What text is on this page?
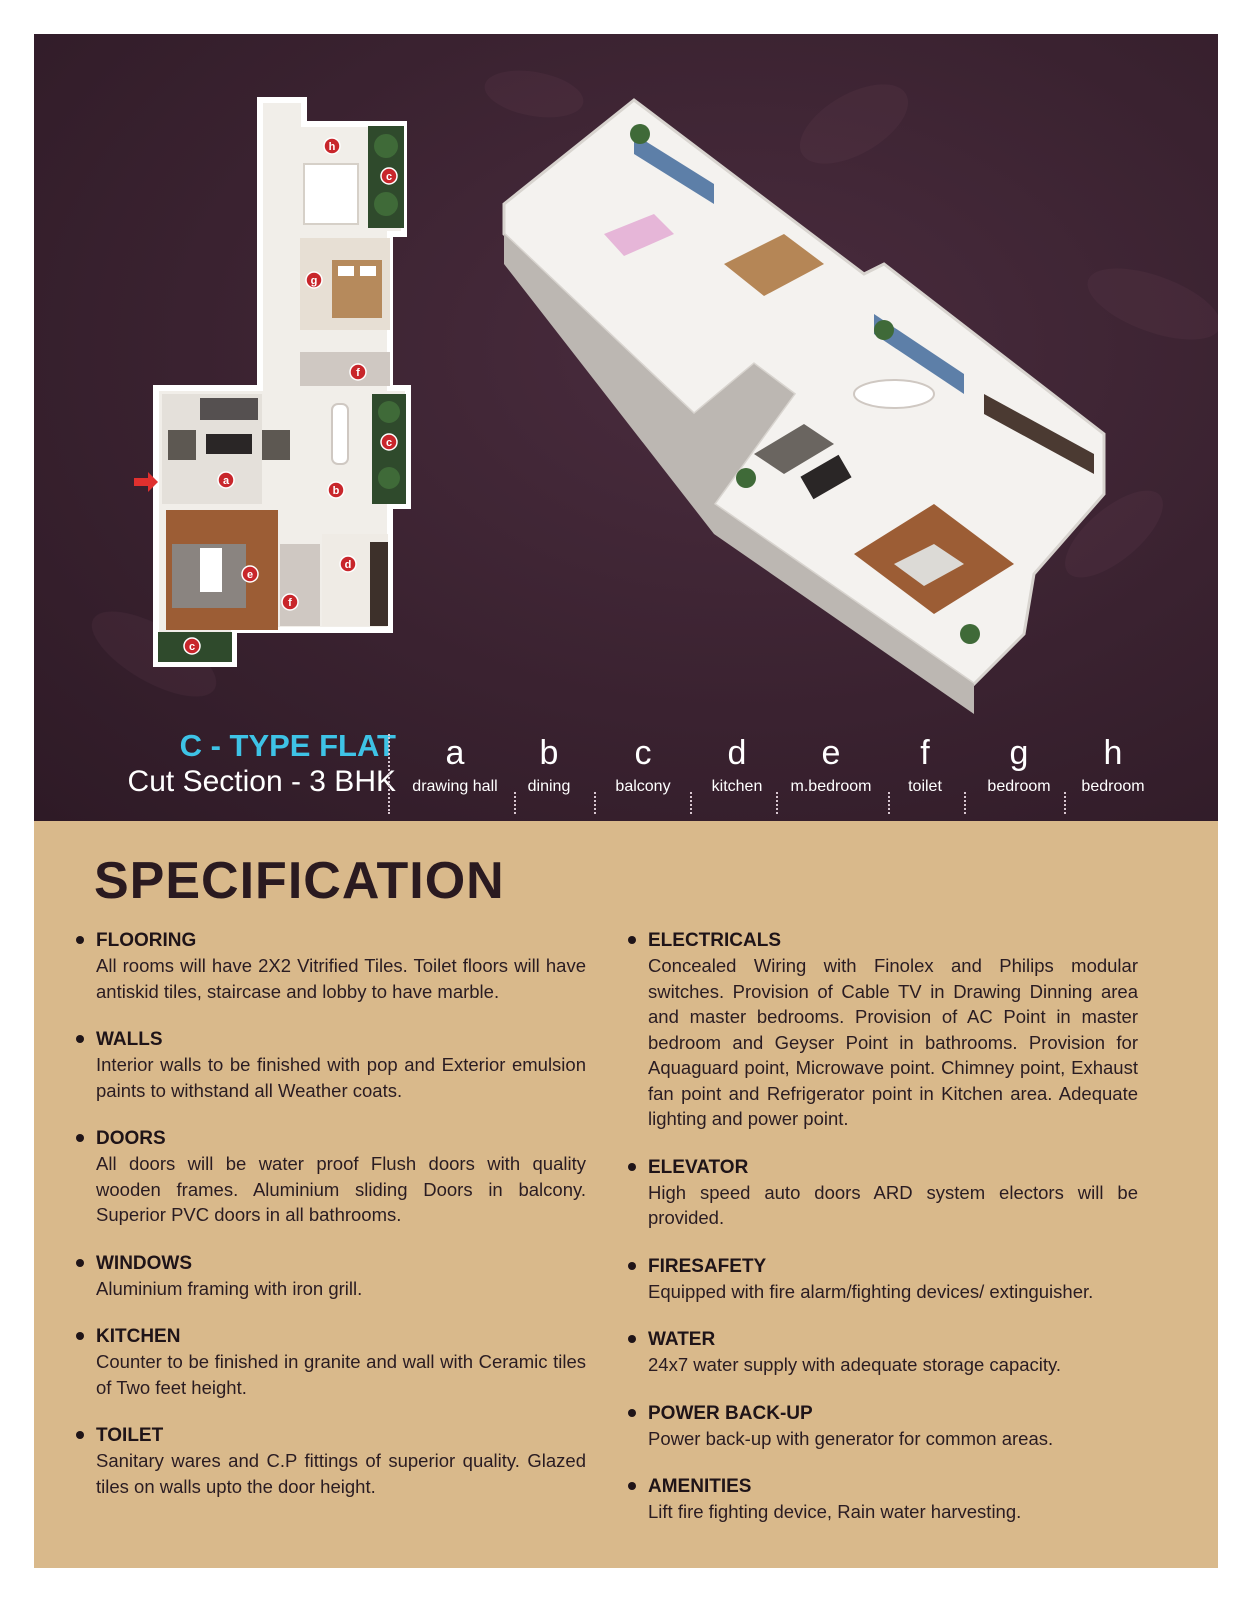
h
c
g
f
a
b
c
d
e
f
c
C - TYPE FLAT
Cut Section - 3 BHK
a
drawing hall
b
dining
c
balcony
d
kitchen
e
m.bedroom
f
toilet
g
bedroom
h
bedroom
SPECIFICATION
FLOORING
All rooms will have 2X2 Vitrified Tiles. Toilet floors will have antiskid tiles, staircase and lobby to have marble.
WALLS
Interior walls to be finished with pop and Exterior emulsion paints to withstand all Weather coats.
DOORS
All doors will be water proof Flush doors with quality wooden frames. Aluminium sliding Doors in balcony. Superior PVC doors in all bathrooms.
WINDOWS
Aluminium framing with iron grill.
KITCHEN
Counter to be finished in granite and wall with Ceramic tiles of Two feet height.
TOILET
Sanitary wares and C.P fittings of superior quality. Glazed tiles on walls upto the door height.
ELECTRICALS
Concealed Wiring with Finolex and Philips modular switches. Provision of Cable TV in Drawing Dinning area and master bedrooms. Provision of AC Point in master bedroom and Geyser Point in bathrooms. Provision for Aquaguard point, Microwave point. Chimney point, Exhaust fan point and Refrigerator point in Kitchen area. Adequate lighting and power point.
ELEVATOR
High speed auto doors ARD system electors will be provided.
FIRESAFETY
Equipped with fire alarm/fighting devices/ extinguisher.
WATER
24x7 water supply with adequate storage capacity.
POWER BACK-UP
Power back-up with generator for common areas.
AMENITIES
Lift fire fighting device, Rain water harvesting.
